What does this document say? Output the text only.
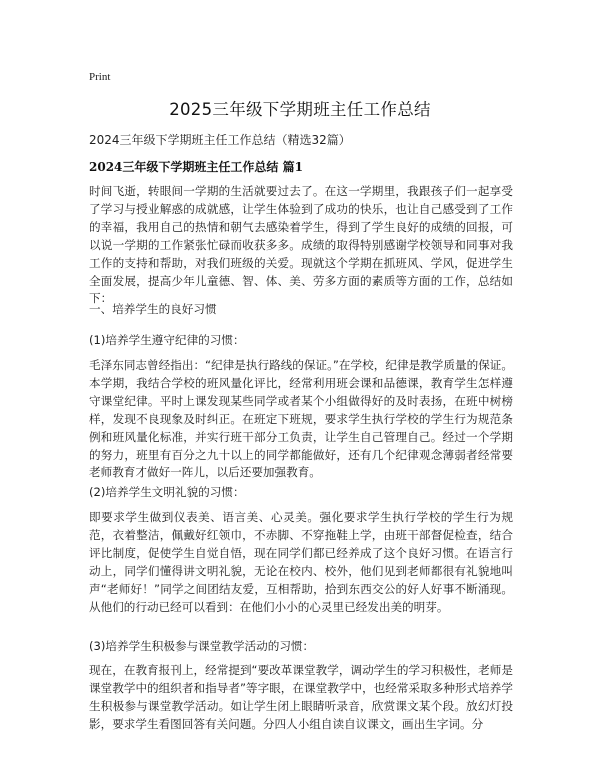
Print
2025三年级下学期班主任工作总结
2024三年级下学期班主任工作总结（精选32篇）
2024三年级下学期班主任工作总结 篇1

时间飞逝，转眼间一学期的生活就要过去了。在这一学期里，我跟孩子们一起享受了学习与授业解惑的成就感，让学生体验到了成功的快乐，也让自己感受到了工作的幸福，我用自己的热情和朝气去感染着学生，得到了学生良好的成绩的回报，可以说一学期的工作紧张忙碌而收获多多。成绩的取得特别感谢学校领导和同事对我工作的支持和帮助，对我们班级的关爱。现就这个学期在抓班风、学风，促进学生全面发展，提高少年儿童德、智、体、美、劳多方面的素质等方面的工作，总结如下：

一、培养学生的良好习惯
(1)培养学生遵守纪律的习惯：

毛泽东同志曾经指出：“纪律是执行路线的保证。”在学校，纪律是教学质量的保证。本学期，我结合学校的班风量化评比，经常利用班会课和品德课，教育学生怎样遵守课堂纪律。平时上课发现某些同学或者某个小组做得好的及时表扬，在班中树榜样，发现不良现象及时纠正。在班定下班规，要求学生执行学校的学生行为规范条例和班风量化标准，并实行班干部分工负责，让学生自己管理自己。经过一个学期的努力，班里有百分之九十以上的同学都能做好，还有几个纪律观念薄弱者经常要老师教育才做好一阵儿，以后还要加强教育。

(2)培养学生文明礼貌的习惯：

即要求学生做到仪表美、语言美、心灵美。强化要求学生执行学校的学生行为规范，衣着整洁，佩戴好红领巾，不赤脚、不穿拖鞋上学，由班干部督促检查，结合评比制度，促使学生自觉自悟，现在同学们都已经养成了这个良好习惯。在语言行动上，同学们懂得讲文明礼貌，无论在校内、校外，他们见到老师都很有礼貌地叫声“老师好！”同学之间团结友爱，互相帮助，拾到东西交公的好人好事不断涌现。从他们的行动已经可以看到：在他们小小的心灵里已经发出美的明芽。

(3)培养学生积极参与课堂教学活动的习惯：

现在，在教育报刊上，经常提到“要改革课堂教学，调动学生的学习积极性，老师是课堂教学中的组织者和指导者”等字眼，在课堂教学中，也经常采取多种形式培养学生积极参与课堂教学活动。如让学生闭上眼睛听录音，欣赏课文某个段。放幻灯投影，要求学生看图回答有关问题。分四人小组自读自议课文，画出生字词。分
